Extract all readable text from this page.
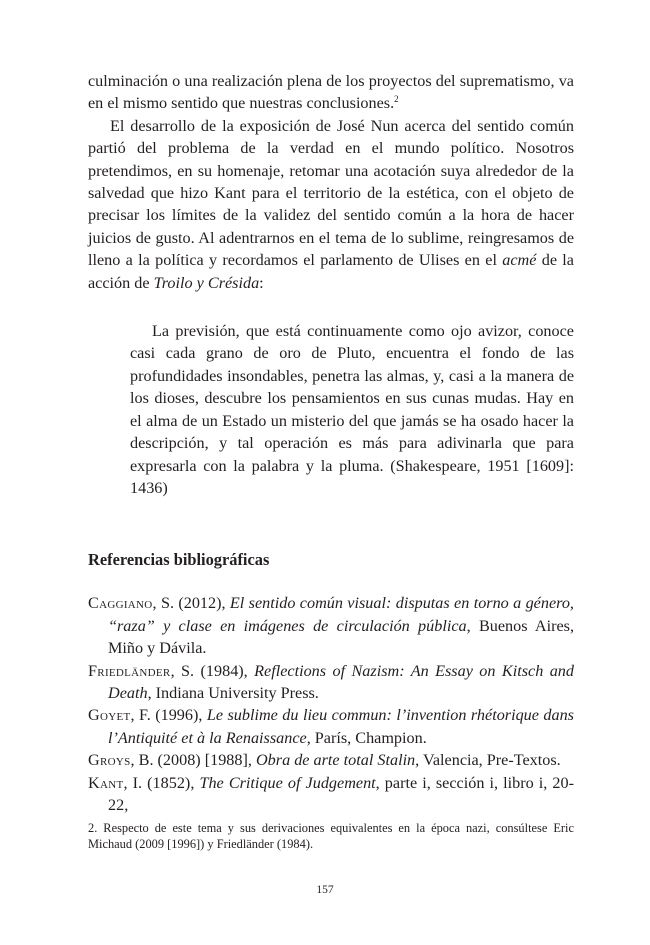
culminación o una realización plena de los proyectos del suprematismo, va en el mismo sentido que nuestras conclusiones.$^2$

El desarrollo de la exposición de José Nun acerca del sentido común partió del problema de la verdad en el mundo político. Nosotros pretendimos, en su homenaje, retomar una acotación suya alrededor de la salvedad que hizo Kant para el territorio de la estética, con el objeto de precisar los límites de la validez del sentido común a la hora de hacer juicios de gusto. Al adentrarnos en el tema de lo sublime, reingresamos de lleno a la política y recordamos el parlamento de Ulises en el acmé de la acción de Troilo y Crésida:

La previsión, que está continuamente como ojo avizor, conoce casi cada grano de oro de Pluto, encuentra el fondo de las profundidades insondables, penetra las almas, y, casi a la manera de los dioses, descubre los pensamientos en sus cunas mudas. Hay en el alma de un Estado un misterio del que jamás se ha osado hacer la descripción, y tal operación es más para adivinarla que para expresarla con la palabra y la pluma. (Shakespeare, 1951 [1609]: 1436)

Referencias bibliográficas
Caggiano, S. (2012), El sentido común visual: disputas en torno a género, “raza” y clase en imágenes de circulación pública, Buenos Aires, Miño y Dávila.
Friedländer, S. (1984), Reflections of Nazism: An Essay on Kitsch and Death, Indiana University Press.
Goyet, F. (1996), Le sublime du lieu commun: l’invention rhétorique dans l’Antiquité et à la Renaissance, París, Champion.
Groys, B. (2008) [1988], Obra de arte total Stalin, Valencia, Pre-Textos.
Kant, I. (1852), The Critique of Judgement, parte i, sección i, libro i, 20-22,

2. Respecto de este tema y sus derivaciones equivalentes en la época nazi, consúltese Eric Michaud (2009 [1996]) y Friedländer (1984).

157
